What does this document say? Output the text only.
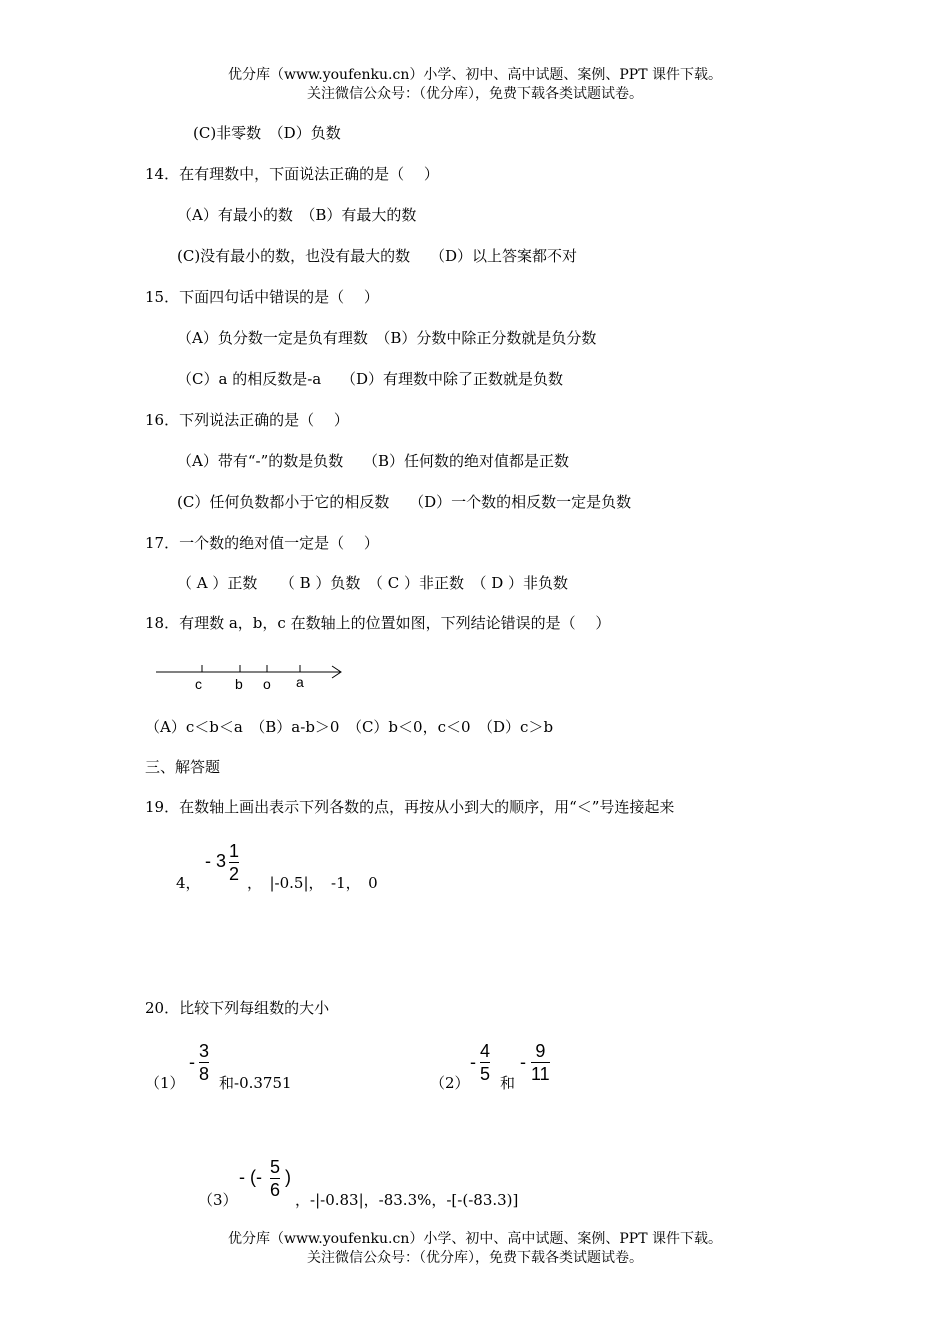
优分库（www.youfenku.cn）小学、初中、高中试题、案例、PPT 课件下载。
关注微信公众号：（优分库），免费下载各类试题试卷。
(C)非零数　（D）负数
14．在有理数中，下面说法正确的是（　 ）
（A）有最小的数　（B）有最大的数
(C)没有最小的数，也没有最大的数　 （D）以上答案都不对
15．下面四句话中错误的是（　 ）
（A）负分数一定是负有理数　（B）分数中除正分数就是负分数
（C）a 的相反数是-a　 （D）有理数中除了正数就是负数
16．下列说法正确的是（　 ）
（A）带有“-”的数是负数　 （B）任何数的绝对值都是正数
(C）任何负数都小于它的相反数　 （D）一个数的相反数一定是负数
17．一个数的绝对值一定是（　 ）
（ A ）正数　　（ B ）负数　（ C ）非正数　（ D ）非负数
18．有理数 a，b，c 在数轴上的位置如图，下列结论错误的是（　 ）
c b o a
（A）c＜b＜a　（B）a-b＞0　（C）b＜0，c＜0　（D）c＞b
三、解答题
19．在数轴上画出表示下列各数的点，再按从小到大的顺序，用“＜”号连接起来
4，
- 3 1
2 ，　|-0.5|，　-1，　0
20．比较下列每组数的大小
（1）
-
3
8 和-0.3751	（2）
-
4
5 和
-
9
11
（3）
- (- 5
6
)
，-|-0.83|，-83.3%，-[-(-83.3)]
优分库（www.youfenku.cn）小学、初中、高中试题、案例、PPT 课件下载。
关注微信公众号：（优分库），免费下载各类试题试卷。
